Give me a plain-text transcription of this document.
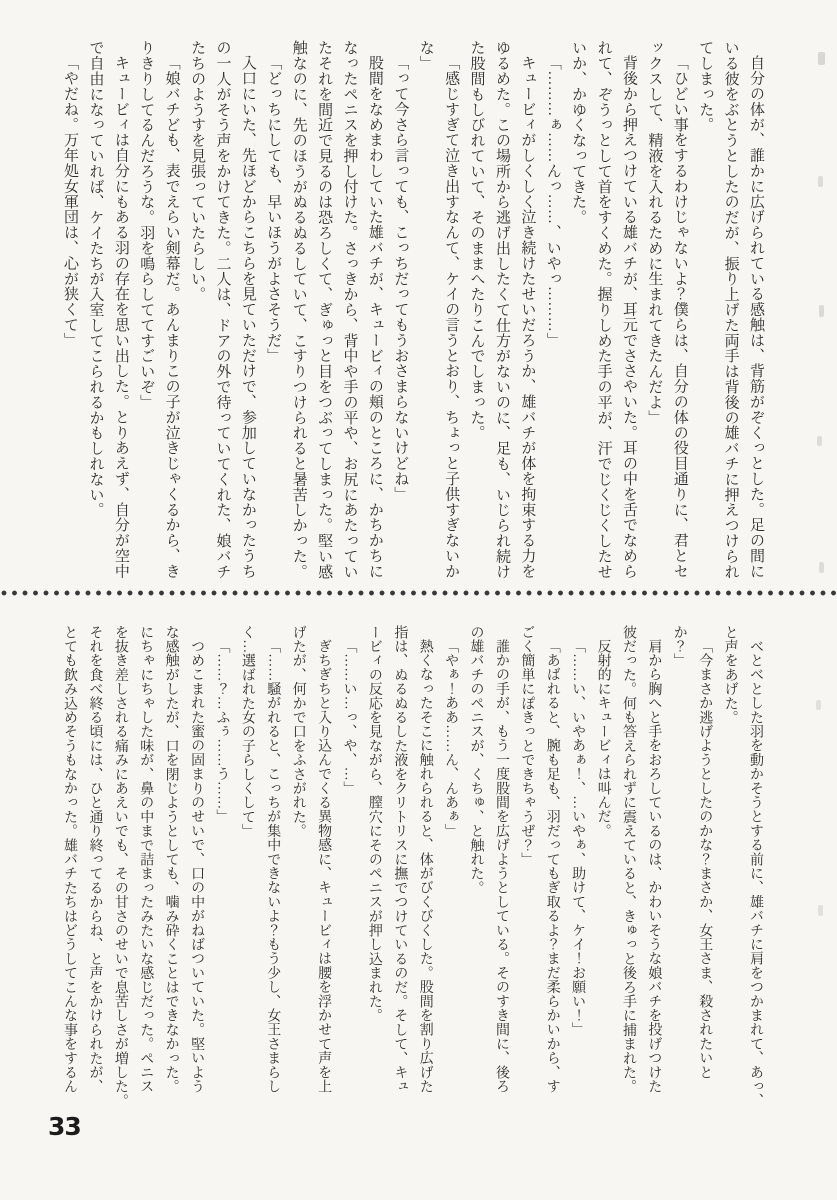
自分の体が、誰かに広げられている感触は、背筋がぞくっとした。足の間に
いる彼をぶとうとしたのだが、振り上げた両手は背後の雄バチに押えつけられ
てしまった。
「ひどい事をするわけじゃないよ？僕らは、自分の体の役目通りに、君とセ
ックスして、精液を入れるために生まれてきたんだよ」
背後から押えつけている雄バチが、耳元でささやいた。耳の中を舌でなめら
れて、ぞうっとして首をすくめた。握りしめた手の平が、汗でじくじくしたせ
いか、かゆくなってきた。
「………ぁ……んっ……、いやっ………」
キュービィがしくしく泣き続けたせいだろうか、雄バチが体を拘束する力を
ゆるめた。この場所から逃げ出したくて仕方がないのに、足も、いじられ続け
た股間もしびれていて、そのままへたりこんでしまった。
「感じすぎて泣き出すなんて、ケイの言うとおり、ちょっと子供すぎないか
な」
「って今さら言っても、こっちだってもうおさまらないけどね」
股間をなめまわしていた雄バチが、キュービィの頬のところに、かちかちに
なったペニスを押し付けた。さっきから、背中や手の平や、お尻にあたってい
たそれを間近で見るのは恐ろしくて、ぎゅっと目をつぶってしまった。堅い感
触なのに、先のほうがぬるぬるしていて、こすりつけられると暑苦しかった。
「どっちにしても、早いほうがよさそうだ」
入口にいた、先ほどからこちらを見ていただけで、参加していなかったうち
の一人がそう声をかけてきた。二人は、ドアの外で待っていてくれた、娘バチ
たちのようすを見張っていたらしい。
「娘バチども、表でえらい剣幕だ。あんまりこの子が泣きじゃくるから、き
りきりしてるんだろうな。羽を鳴らしててすごいぞ」
キュービィは自分にもある羽の存在を思い出した。とりあえず、自分が空中
で自由になっていれば、ケイたちが入室してこられるかもしれない。
「やだね。万年処女軍団は、心が狭くて」
べとべとした羽を動かそうとする前に、雄バチに肩をつかまれて、あっ、
と声をあげた。
「今まさか逃げようとしたのかな？まさか、女王さま、殺されたいと
か？」
肩から胸へと手をおろしているのは、かわいそうな娘バチを投げつけた
彼だった。何も答えられずに震えていると、きゅっと後ろ手に捕まれた。
反射的にキュービィは叫んだ。
「……い、いやあぁ！、…いやぁ、助けて、ケイ！お願い！」
「あばれると、腕も足も、羽だってもぎ取るよ？まだ柔らかいから、す
ごく簡単にぽきっとできちゃうぜ？」
誰かの手が、もう一度股間を広げようとしている。そのすき間に、後ろ
の雄バチのペニスが、くちゅ、と触れた。
「やぁ！ああ……ん、んあぁ」
熱くなったそこに触れられると、体がびくびくした。股間を割り広げた
指は、ぬるぬるした液をクリトリスに撫でつけているのだ。そして、キュ
ービィの反応を見ながら、膣穴にそのペニスが押し込まれた。
「……い…っ、や、…」
ぎちぎちと入り込んでくる異物感に、キュービィは腰を浮かせて声を上
げたが、何かで口をふさがれた。
「……騒がれると、こっちが集中できないよ？もう少し、女王さまらし
く…選ばれた女の子らしくして」
「……？…ふぅ……う……」
つめこまれた蜜の固まりのせいで、口の中がねばついていた。堅いよう
な感触がしたが、口を閉じようとしても、噛み砕くことはできなかった。
にちゃにちゃした味が、鼻の中まで詰まったみたいな感じだった。ペニス
を抜き差しされる痛みにあえいでも、その甘さのせいで息苦しさが増した。
それを食べ終る頃には、ひと通り終ってるからね、と声をかけられたが、
とても飲み込めそうもなかった。雄バチたちはどうしてこんな事をするん
33
